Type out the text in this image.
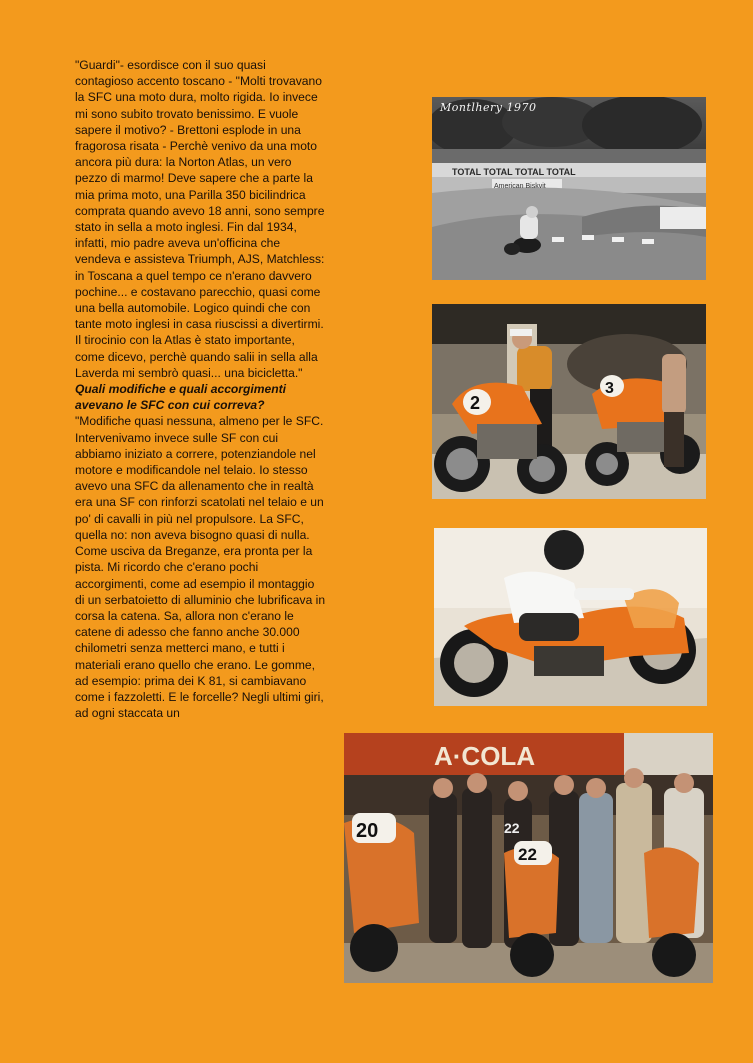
"Guardi"- esordisce con il suo quasi contagioso accento toscano - "Molti trovavano la SFC una moto dura, molto rigida. Io invece mi sono subito trovato benissimo. E vuole sapere il motivo? - Brettoni esplode in una fragorosa risata - Perchè venivo da una moto ancora più dura: la Norton Atlas, un vero pezzo di marmo! Deve sapere che a parte la mia prima moto, una Parilla 350 bicilindrica comprata quando avevo 18 anni, sono sempre stato in sella a moto inglesi. Fin dal 1934, infatti, mio padre aveva un'officina che vendeva e assisteva Triumph, AJS, Matchless: in Toscana a quel tempo ce n'erano davvero pochine... e costavano parecchio, quasi come una bella automobile. Logico quindi che con tante moto inglesi in casa riuscissi a divertirmi. Il tirocinio con la Atlas è stato importante, come dicevo, perchè quando salii in sella alla Laverda mi sembrò quasi... una bicicletta."

Quali modifiche e quali accorgimenti avevano le SFC con cui correva?

"Modifiche quasi nessuna, almeno per le SFC. Intervenivamo invece sulle SF con cui abbiamo iniziato a correre, potenziandole nel motore e modificandole nel telaio. Io stesso avevo una SFC da allenamento che in realtà era una SF con rinforzi scatolati nel telaio e un po' di cavalli in più nel propulsore. La SFC, quella no: non aveva bisogno quasi di nulla. Come usciva da Breganze, era pronta per la pista. Mi ricordo che c'erano pochi accorgimenti, come ad esempio il montaggio di un serbatoietto di alluminio che lubrificava in corsa la catena. Sa, allora non c'erano le catene di adesso che fanno anche 30.000 chilometri senza metterci mano, e tutti i materiali erano quello che erano. Le gomme, ad esempio: prima dei K 81, si cambiavano come i fazzoletti. E le forcelle? Negli ultimi giri, ad ogni staccata un

TOTAL TOTAL TOTAL TOTAL
American Biskvit
Montlhery 1970
2
3
A·COLA
20
22
22
